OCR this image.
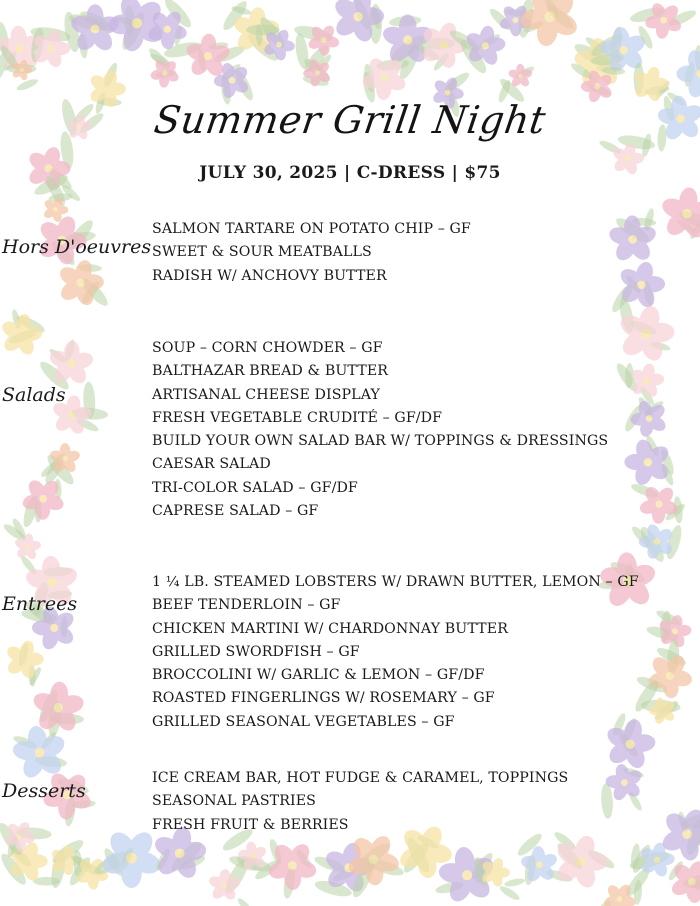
Summer Grill Night
JULY 30, 2025 | C-DRESS | $75
Hors D'oeuvres
SALMON TARTARE ON POTATO CHIP – GF
SWEET & SOUR MEATBALLS
RADISH W/ ANCHOVY BUTTER
Salads
SOUP – CORN CHOWDER – GF
BALTHAZAR BREAD & BUTTER
ARTISANAL CHEESE DISPLAY
FRESH VEGETABLE CRUDITÉ – GF/DF
BUILD YOUR OWN SALAD BAR W/ TOPPINGS & DRESSINGS
CAESAR SALAD
TRI-COLOR SALAD – GF/DF
CAPRESE SALAD – GF
Entrees
1 ¼ LB. STEAMED LOBSTERS W/ DRAWN BUTTER, LEMON – GF
BEEF TENDERLOIN – GF
CHICKEN MARTINI W/ CHARDONNAY BUTTER
GRILLED SWORDFISH – GF
BROCCOLINI W/ GARLIC & LEMON – GF/DF
ROASTED FINGERLINGS W/ ROSEMARY – GF
GRILLED SEASONAL VEGETABLES – GF
Desserts
ICE CREAM BAR, HOT FUDGE & CARAMEL, TOPPINGS
SEASONAL PASTRIES
FRESH FRUIT & BERRIES
